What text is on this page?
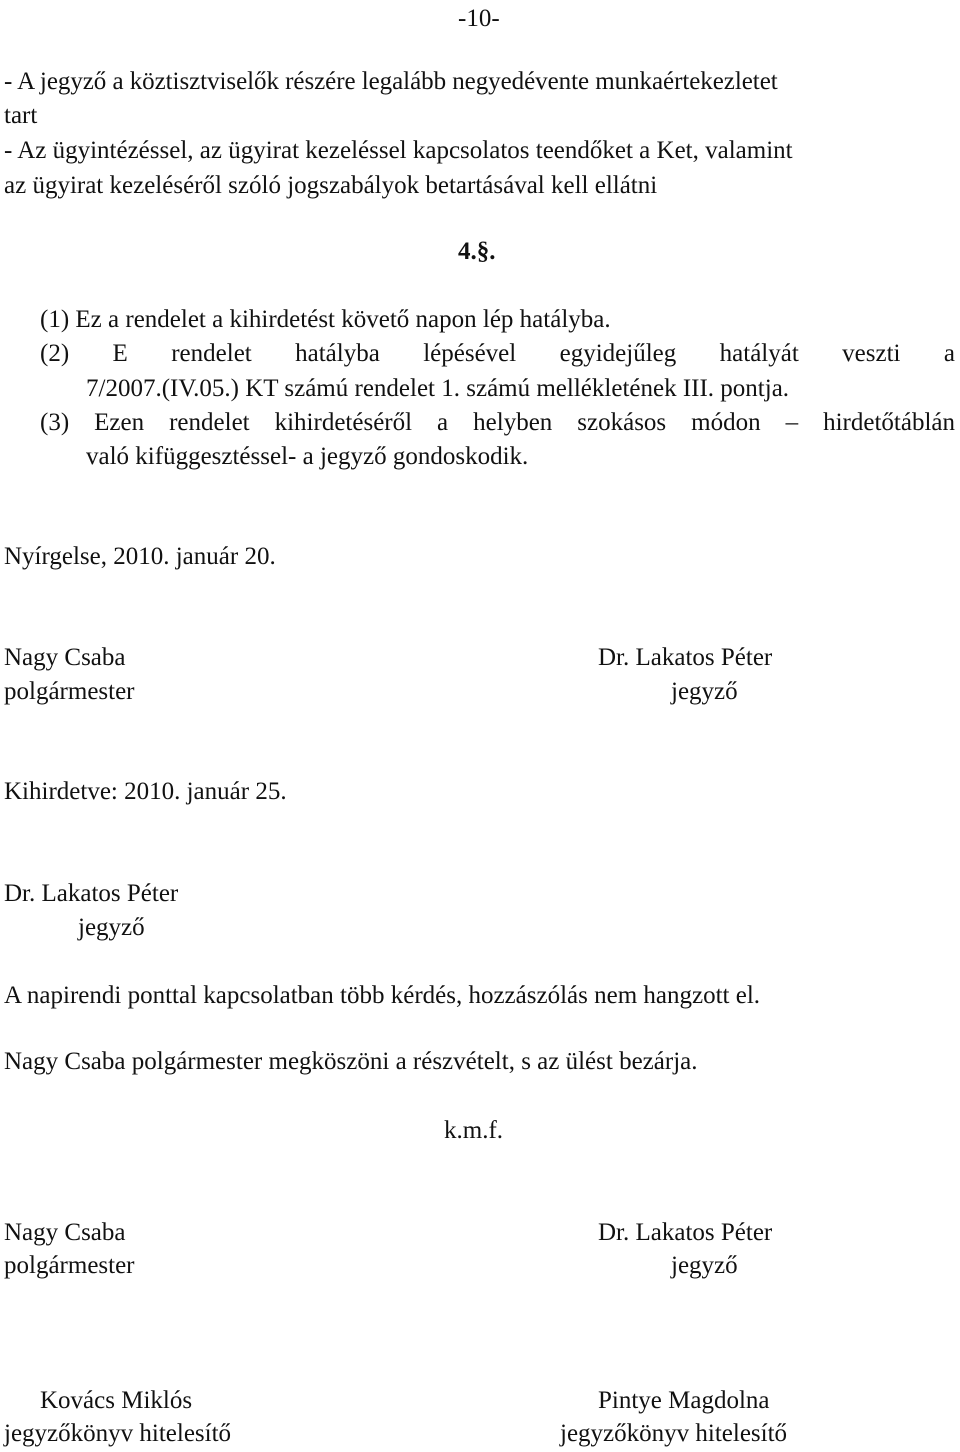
-10-
- A jegyző a köztisztviselők részére legalább negyedévente munkaértekezletet
tart
- Az ügyintézéssel, az ügyirat kezeléssel kapcsolatos teendőket a Ket, valamint
az ügyirat kezeléséről szóló jogszabályok betartásával kell ellátni
4.§.
(1) Ez a rendelet a kihirdetést követő napon lép hatályba.
(2) E rendelet hatályba lépésével egyidejűleg hatályát veszti a
7/2007.(IV.05.) KT számú rendelet 1. számú mellékletének III. pontja.
(3) Ezen rendelet kihirdetéséről a helyben szokásos módon – hirdetőtáblán
való kifüggesztéssel- a jegyző gondoskodik.
Nyírgelse, 2010. január 20.
Nagy Csaba
polgármester
Dr. Lakatos Péter
jegyző
Kihirdetve: 2010. január 25.
Dr. Lakatos Péter
jegyző
A napirendi ponttal kapcsolatban több kérdés, hozzászólás nem hangzott el.
Nagy Csaba polgármester megköszöni a részvételt, s az ülést bezárja.
k.m.f.
Nagy Csaba
polgármester
Dr. Lakatos Péter
jegyző
Kovács Miklós
jegyzőkönyv hitelesítő
Pintye Magdolna
jegyzőkönyv hitelesítő
